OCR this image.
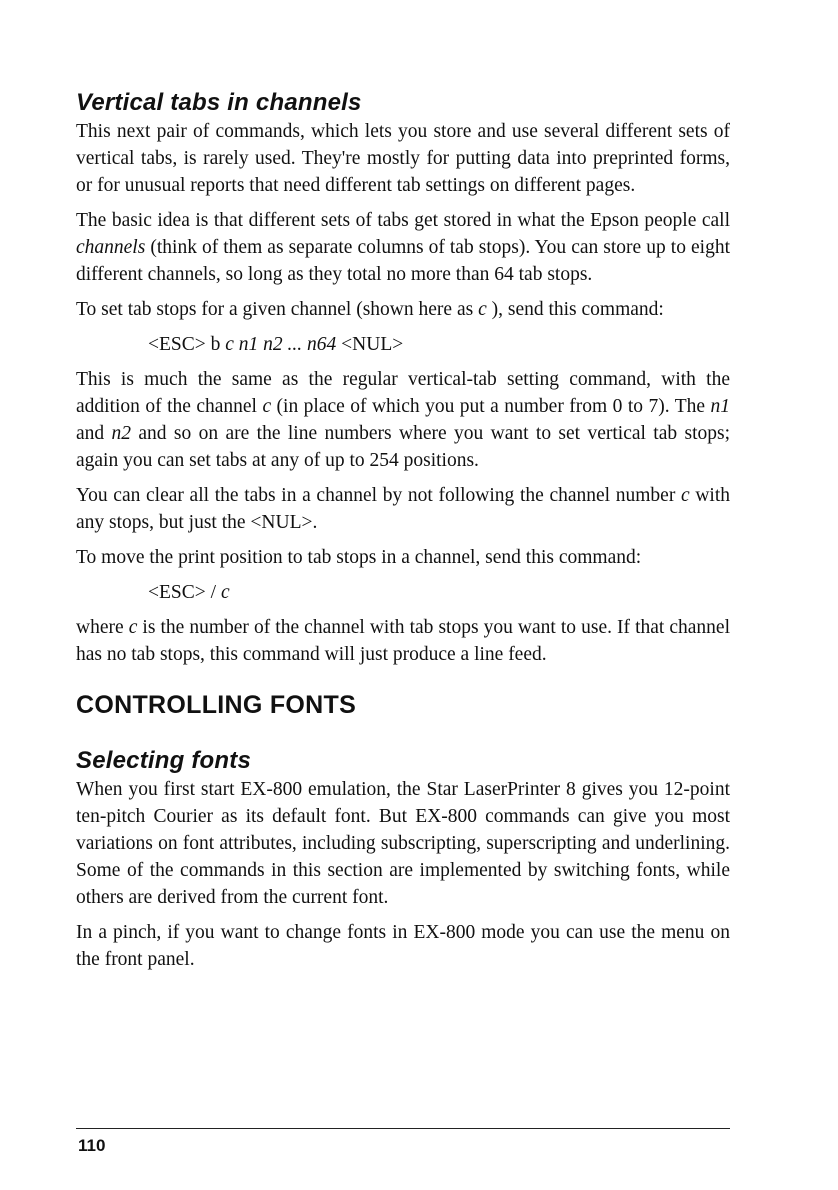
Vertical tabs in channels

This next pair of commands, which lets you store and use several different sets of vertical tabs, is rarely used. They're mostly for putting data into preprinted forms, or for unusual reports that need different tab settings on different pages.

The basic idea is that different sets of tabs get stored in what the Epson people call channels (think of them as separate columns of tab stops). You can store up to eight different channels, so long as they total no more than 64 tab stops.

To set tab stops for a given channel (shown here as c ), send this command:

<ESC> b c n1 n2 ... n64 <NUL>

This is much the same as the regular vertical-tab setting command, with the addition of the channel c (in place of which you put a number from 0 to 7). The n1 and n2 and so on are the line numbers where you want to set vertical tab stops; again you can set tabs at any of up to 254 positions.

You can clear all the tabs in a channel by not following the channel number c with any stops, but just the <NUL>.

To move the print position to tab stops in a channel, send this command:

<ESC> / c

where c is the number of the channel with tab stops you want to use. If that channel has no tab stops, this command will just produce a line feed.

CONTROLLING FONTS
Selecting fonts

When you first start EX-800 emulation, the Star LaserPrinter 8 gives you 12-point ten-pitch Courier as its default font. But EX-800 commands can give you most variations on font attributes, including subscripting, superscripting and underlining. Some of the commands in this section are implemented by switching fonts, while others are derived from the current font.

In a pinch, if you want to change fonts in EX-800 mode you can use the menu on the front panel.

110
